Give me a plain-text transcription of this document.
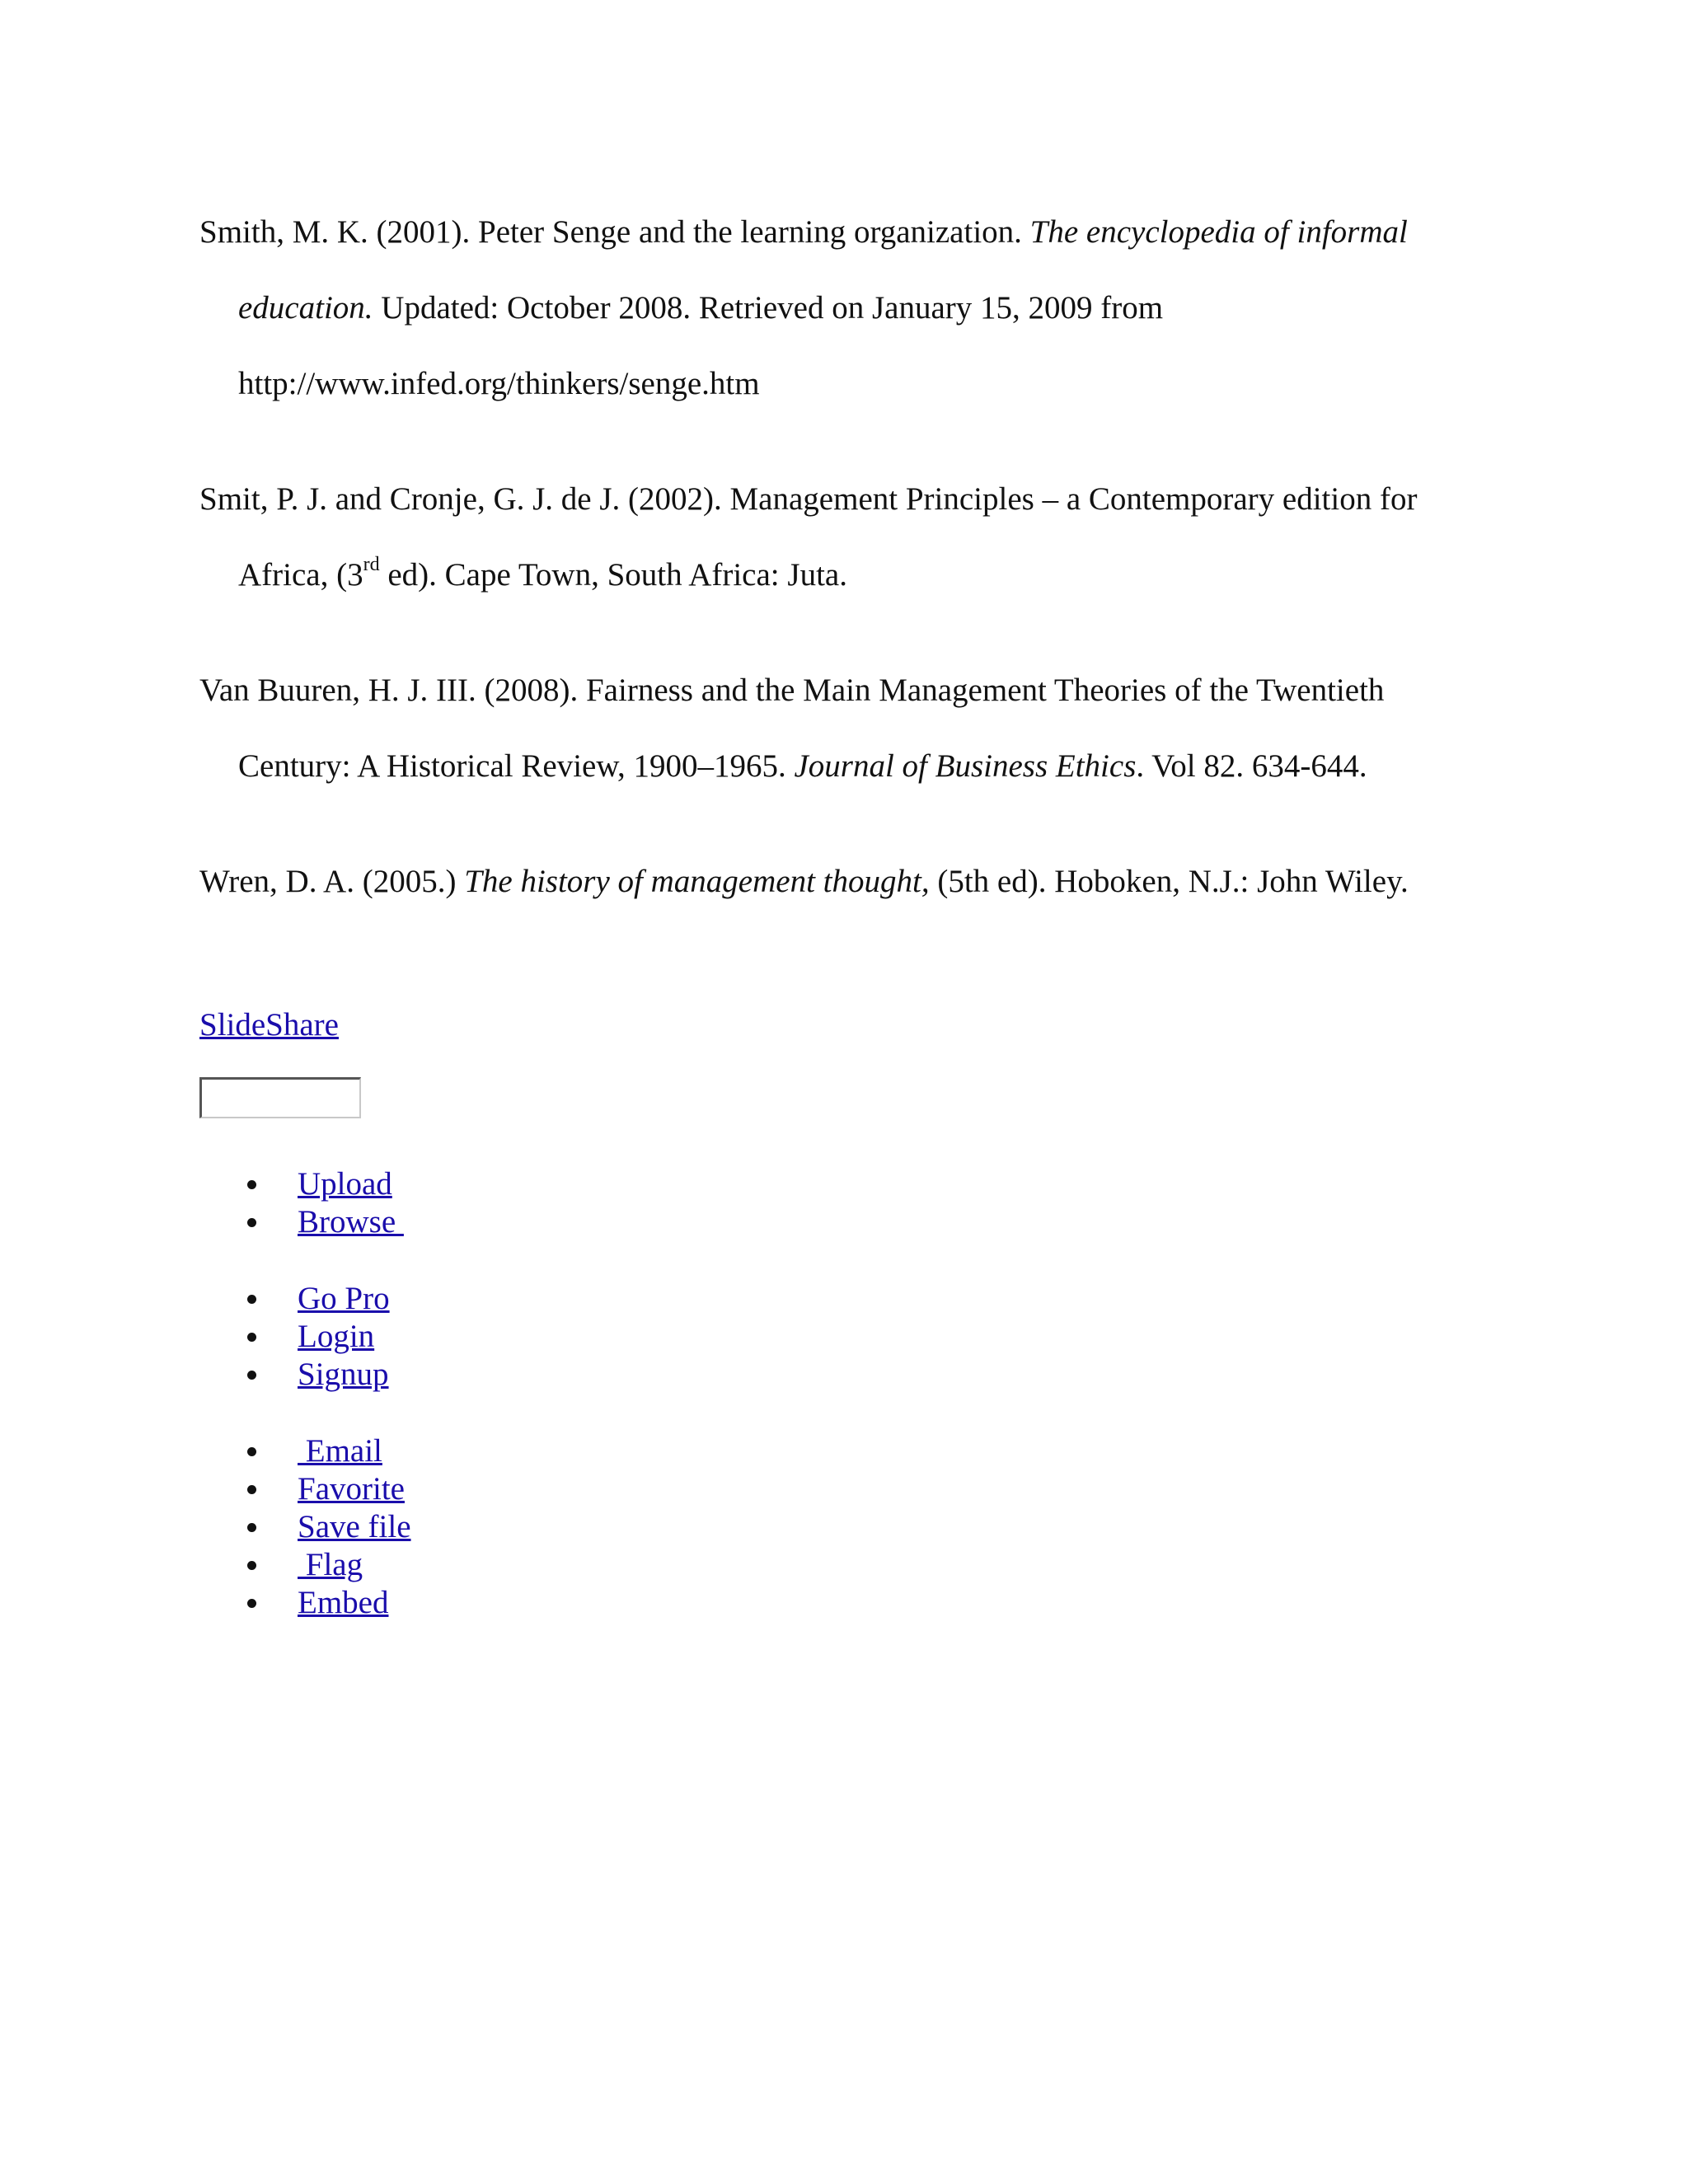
Smith, M. K. (2001). Peter Senge and the learning organization. The encyclopedia of informal education. Updated: October 2008. Retrieved on January 15, 2009 from http://www.infed.org/thinkers/senge.htm

Smit, P. J. and Cronje, G. J. de J. (2002). Management Principles – a Contemporary edition for Africa, (3rd ed). Cape Town, South Africa: Juta.

Van Buuren, H. J. III. (2008). Fairness and the Main Management Theories of the Twentieth Century: A Historical Review, 1900–1965. Journal of Business Ethics. Vol 82. 634-644.

Wren, D. A. (2005.) The history of management thought, (5th ed). Hoboken, N.J.: John Wiley.

SlideShare
Upload
Browse
Go Pro
Login
Signup
Email
Favorite
Save file
Flag
Embed
